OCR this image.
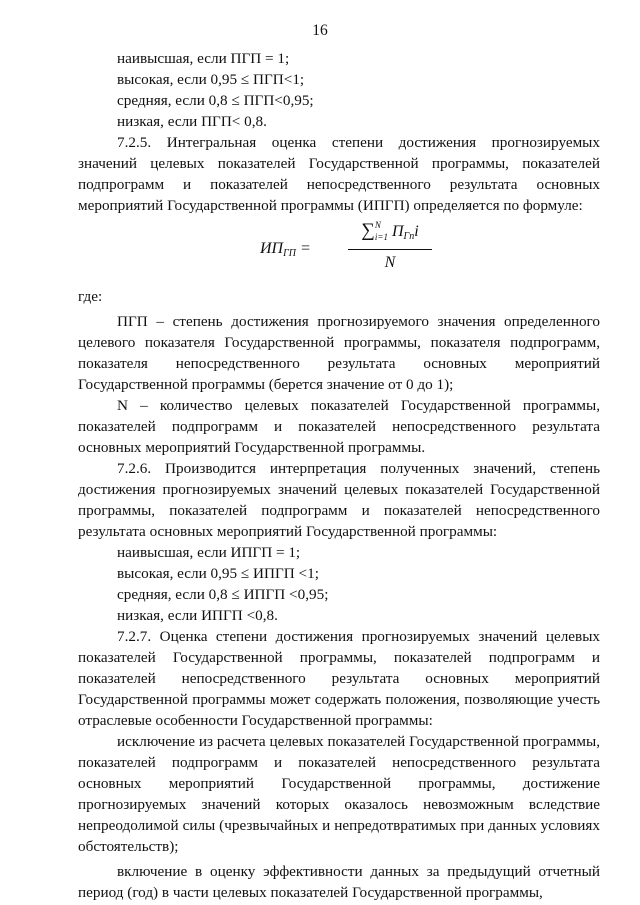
16

наивысшая, если ПГП = 1;

высокая, если 0,95 ≤ ПГП<1;

средняя, если 0,8 ≤ ПГП<0,95;

низкая, если ПГП< 0,8.

7.2.5. Интегральная оценка степени достижения прогнозируемых значений целевых показателей Государственной программы, показателей подпрограмм и показателей непосредственного результата основных мероприятий Государственной программы (ИПГП) определяется по формуле:

$ИП_{ГП}$ =
∑$^N_{i=1}$ $П_{Гп}i$
N

где:

ПГП – степень достижения прогнозируемого значения определенного целевого показателя Государственной программы, показателя подпрограмм, показателя непосредственного результата основных мероприятий Государственной программы (берется значение от 0 до 1);

N – количество целевых показателей Государственной программы, показателей подпрограмм и показателей непосредственного результата основных мероприятий Государственной программы.

7.2.6. Производится интерпретация полученных значений, степень достижения прогнозируемых значений целевых показателей Государственной программы, показателей подпрограмм и показателей непосредственного результата основных мероприятий Государственной программы:

наивысшая, если ИПГП = 1;

высокая, если 0,95 ≤ ИПГП <1;

средняя, если 0,8 ≤ ИПГП <0,95;

низкая, если ИПГП <0,8.

7.2.7. Оценка степени достижения прогнозируемых значений целевых показателей Государственной программы, показателей подпрограмм и показателей непосредственного результата основных мероприятий Государственной программы может содержать положения, позволяющие учесть отраслевые особенности Государственной программы:

исключение из расчета целевых показателей Государственной программы, показателей подпрограмм и показателей непосредственного результата основных мероприятий Государственной программы, достижение прогнозируемых значений которых оказалось невозможным вследствие непреодолимой силы (чрезвычайных и непредотвратимых при данных условиях обстоятельств);

включение в оценку эффективности данных за предыдущий отчетный период (год) в части целевых показателей Государственной программы,
